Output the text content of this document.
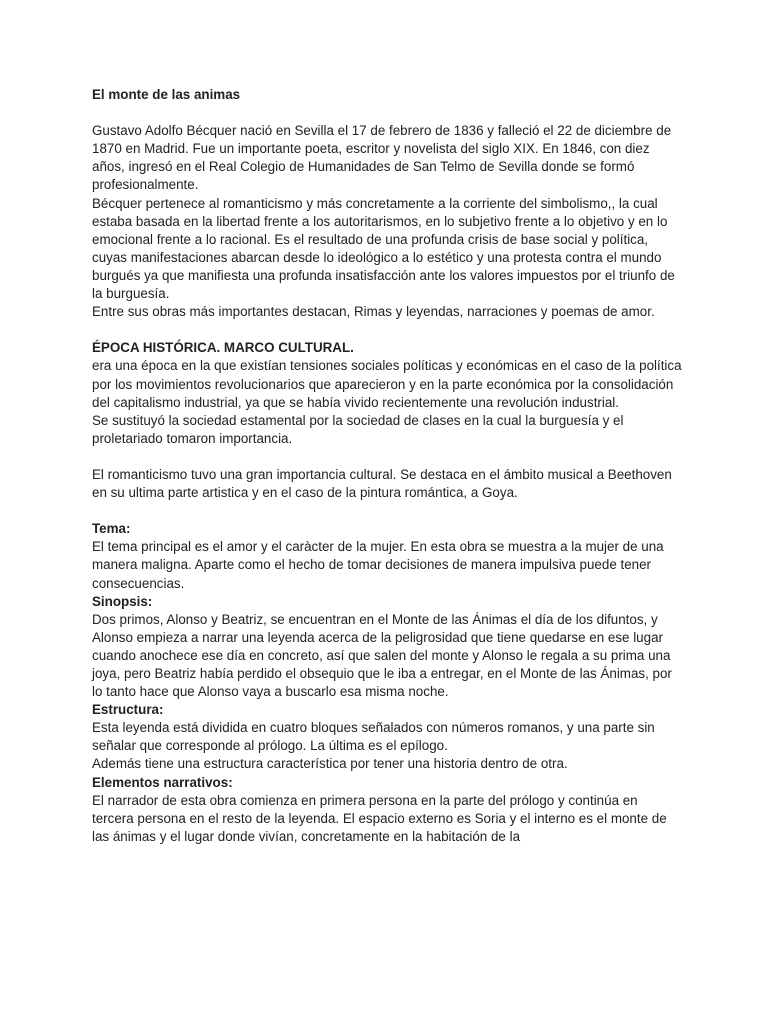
El monte de las animas

Gustavo Adolfo Bécquer nació en Sevilla el 17 de febrero de 1836 y falleció el 22 de diciembre de 1870 en Madrid. Fue un importante poeta, escritor y novelista del siglo XIX. En 1846, con diez años, ingresó en el Real Colegio de Humanidades de San Telmo de Sevilla donde se formó profesionalmente.

Bécquer pertenece al romanticismo y más concretamente a la corriente del simbolismo,, la cual estaba basada en la libertad frente a los autoritarismos, en lo subjetivo frente a lo objetivo y en lo emocional frente a lo racional. Es el resultado de una profunda crisis de base social y política, cuyas manifestaciones abarcan desde lo ideológico a lo estético y una protesta contra el mundo burgués ya que manifiesta una profunda insatisfacción ante los valores impuestos por el triunfo de la burguesía.

Entre sus obras más importantes destacan, Rimas y leyendas, narraciones y poemas de amor.

ÉPOCA HISTÓRICA. MARCO CULTURAL.

era una época en la que existían tensiones sociales políticas y económicas en el caso de la política por los movimientos revolucionarios que aparecieron y en la parte económica por la consolidación del capitalismo industrial, ya que se había vivido recientemente una revolución industrial.

Se sustituyó la sociedad estamental por la sociedad de clases en la cual la burguesía y el proletariado tomaron importancia.

El romanticismo tuvo una gran importancia cultural. Se destaca en el ámbito musical a Beethoven en su ultima parte artistica y en el caso de la pintura romántica, a Goya.

Tema:

El tema principal es el amor y el caràcter de la mujer. En esta obra se muestra a la mujer de una manera maligna. Aparte como el hecho de tomar decisiones de manera impulsiva puede tener consecuencias.

Sinopsis:

Dos primos, Alonso y Beatriz, se encuentran en el Monte de las Ánimas el día de los difuntos, y Alonso empieza a narrar una leyenda acerca de la peligrosidad que tiene quedarse en ese lugar cuando anochece ese día en concreto, así que salen del monte y Alonso le regala a su prima una joya, pero Beatriz había perdido el obsequio que le iba a entregar, en el Monte de las Ánimas, por lo tanto hace que Alonso vaya a buscarlo esa misma noche.

Estructura:

Esta leyenda está dividida en cuatro bloques señalados con números romanos, y una parte sin señalar que corresponde al prólogo. La última es el epílogo.

Además tiene una estructura característica por tener una historia dentro de otra.

Elementos narrativos:

El narrador de esta obra comienza en primera persona en la parte del prólogo y continúa en tercera persona en el resto de la leyenda. El espacio externo es Soria y el interno es el monte de las ánimas y el lugar donde vivían, concretamente en la habitación de la
